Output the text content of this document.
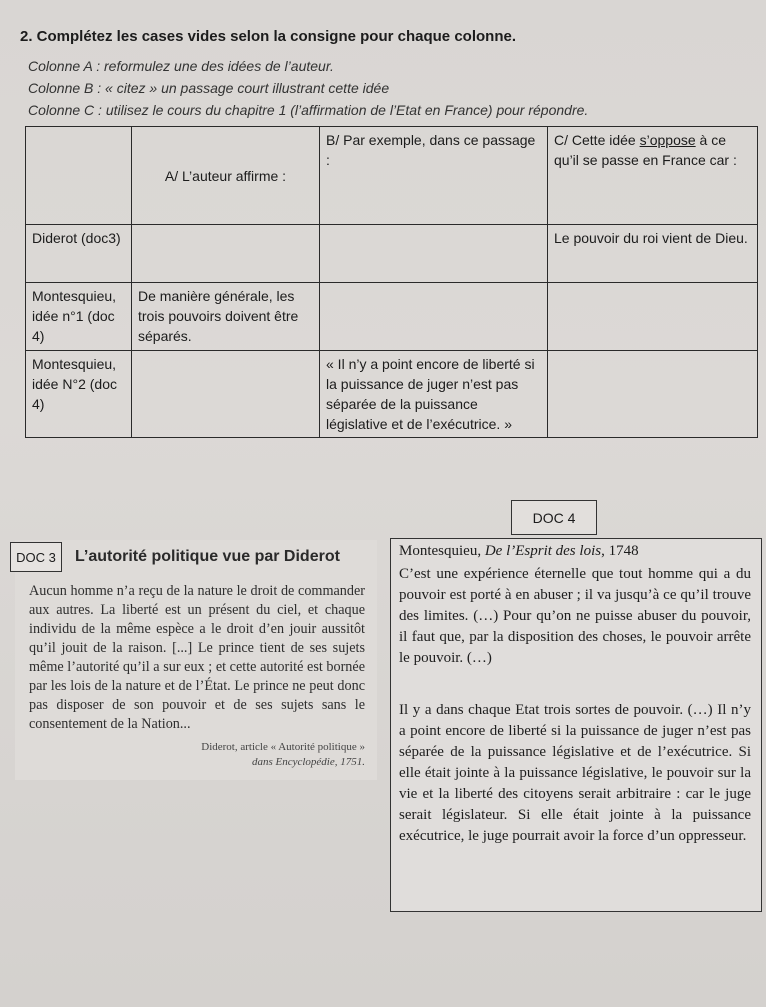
2. Complétez les cases vides selon la consigne pour chaque colonne.
Colonne A : reformulez une des idées de l’auteur.
Colonne B : « citez » un passage court illustrant cette idée
Colonne C : utilisez le cours du chapitre 1 (l’affirmation de l’Etat en France) pour répondre.
	A/ L’auteur affirme :	B/ Par exemple, dans ce passage :	C/ Cette idée s’oppose à ce qu’il se passe en France car :
Diderot (doc3)			Le pouvoir du roi vient de Dieu.
Montesquieu, idée n°1 (doc 4)	De manière générale, les trois pouvoirs doivent être séparés.		
Montesquieu, idée N°2 (doc 4)		« Il n’y a point encore de liberté si la puissance de juger n’est pas séparée de la puissance législative et de l’exécutrice. »	
DOC 4
DOC 3	L’autorité politique vue par Diderot
Aucun homme n’a reçu de la nature le droit de commander aux autres. La liberté est un présent du ciel, et chaque individu de la même espèce a le droit d’en jouir aussitôt qu’il jouit de la raison. [...] Le prince tient de ses sujets même l’autorité qu’il a sur eux ; et cette autorité est bornée par les lois de la nature et de l’État. Le prince ne peut donc pas disposer de son pouvoir et de ses sujets sans le consentement de la Nation...
Diderot, article « Autorité politique »
dans Encyclopédie, 1751.
Montesquieu, De l’Esprit des lois, 1748
C’est une expérience éternelle que tout homme qui a du pouvoir est porté à en abuser ; il va jusqu’à ce qu’il trouve des limites. (…) Pour qu’on ne puisse abuser du pouvoir, il faut que, par la disposition des choses, le pouvoir arrête le pouvoir. (…)
Il y a dans chaque Etat trois sortes de pouvoir. (…) Il n’y a point encore de liberté si la puissance de juger n’est pas séparée de la puissance législative et de l’exécutrice. Si elle était jointe à la puissance législative, le pouvoir sur la vie et la liberté des citoyens serait arbitraire : car le juge serait législateur. Si elle était jointe à la puissance exécutrice, le juge pourrait avoir la force d’un oppresseur.
